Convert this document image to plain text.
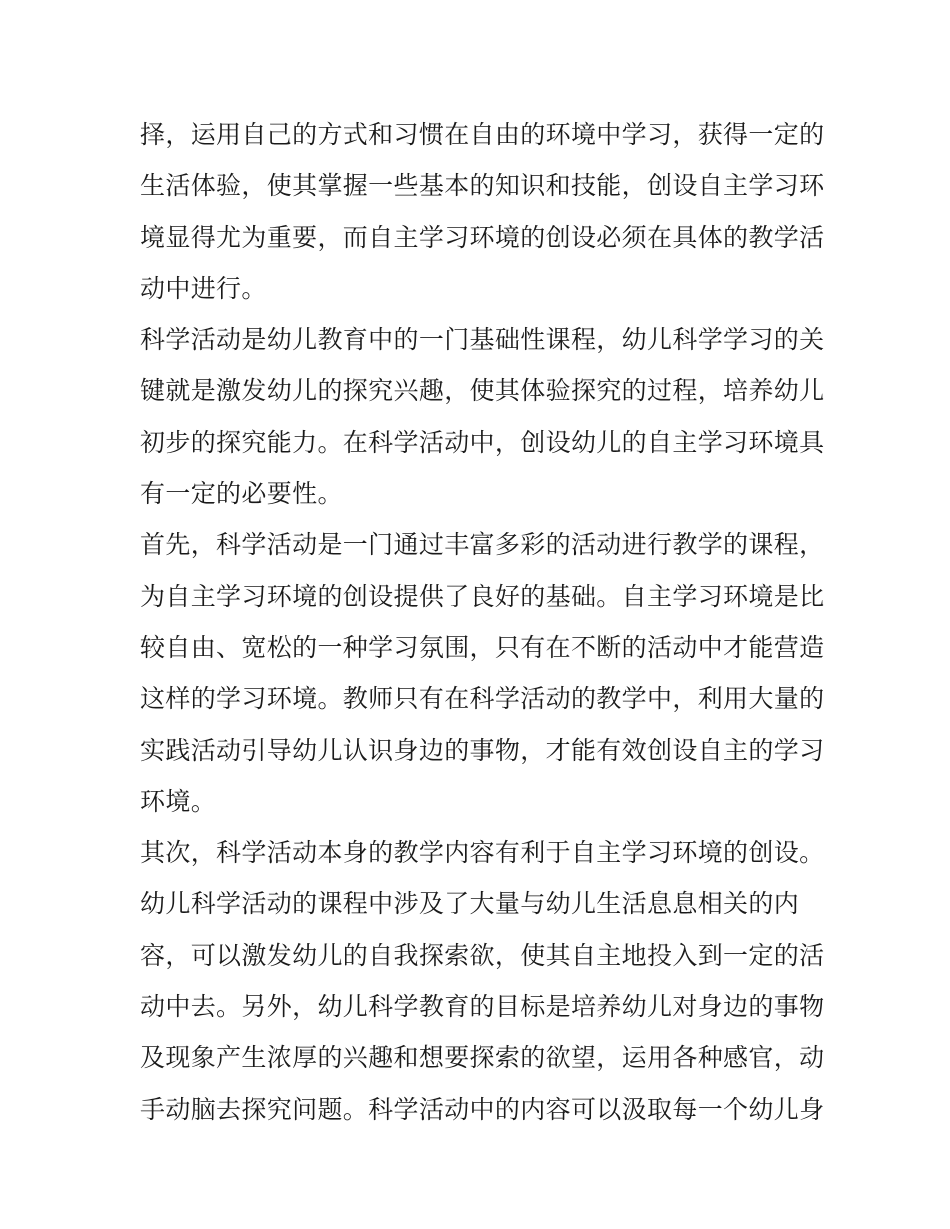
择，运用自己的方式和习惯在自由的环境中学习，获得一定的
生活体验，使其掌握一些基本的知识和技能，创设自主学习环
境显得尤为重要，而自主学习环境的创设必须在具体的教学活
动中进行。
科学活动是幼儿教育中的一门基础性课程，幼儿科学学习的关
键就是激发幼儿的探究兴趣，使其体验探究的过程，培养幼儿
初步的探究能力。在科学活动中，创设幼儿的自主学习环境具
有一定的必要性。
首先，科学活动是一门通过丰富多彩的活动进行教学的课程，
为自主学习环境的创设提供了良好的基础。自主学习环境是比
较自由、宽松的一种学习氛围，只有在不断的活动中才能营造
这样的学习环境。教师只有在科学活动的教学中，利用大量的
实践活动引导幼儿认识身边的事物，才能有效创设自主的学习
环境。
其次，科学活动本身的教学内容有利于自主学习环境的创设。
幼儿科学活动的课程中涉及了大量与幼儿生活息息相关的内
容，可以激发幼儿的自我探索欲，使其自主地投入到一定的活
动中去。另外，幼儿科学教育的目标是培养幼儿对身边的事物
及现象产生浓厚的兴趣和想要探索的欲望，运用各种感官，动
手动脑去探究问题。科学活动中的内容可以汲取每一个幼儿身
